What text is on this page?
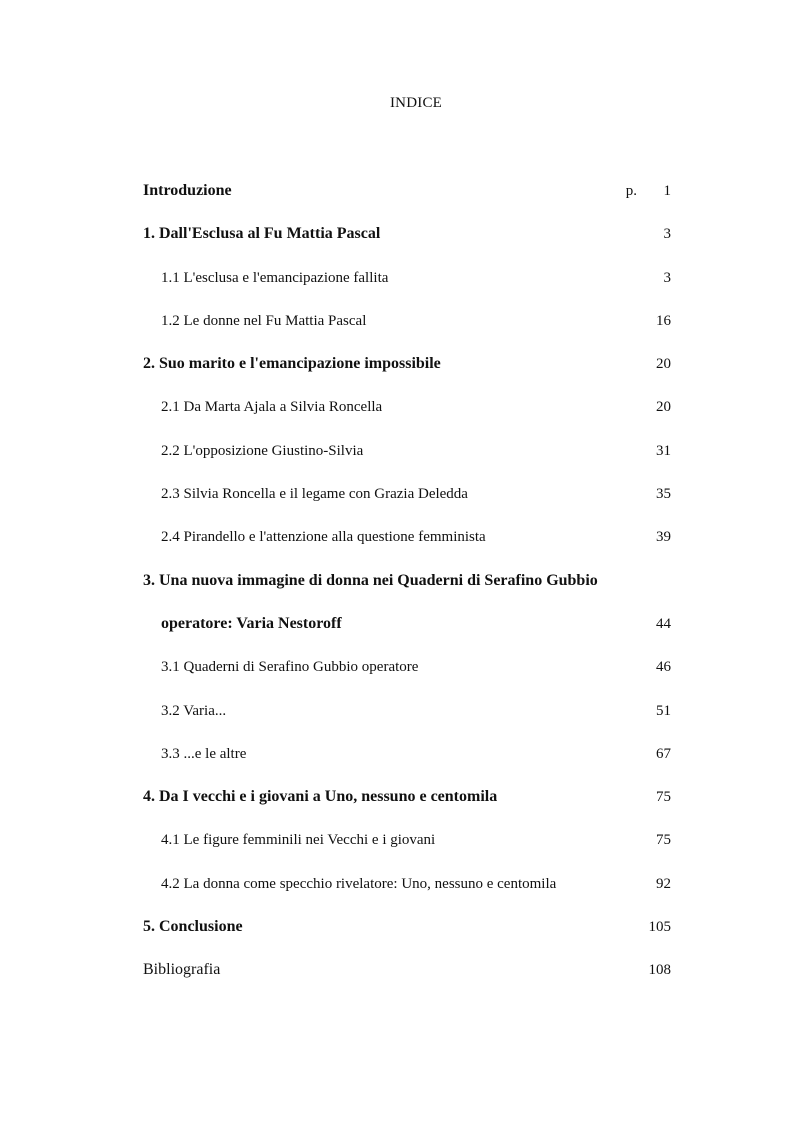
INDICE
Introduzione	p. 1
1. Dall'Esclusa al Fu Mattia Pascal	3
1.1 L'esclusa e l'emancipazione fallita	3
1.2 Le donne nel Fu Mattia Pascal	16
2. Suo marito e l'emancipazione impossibile	20
2.1 Da Marta Ajala a Silvia Roncella	20
2.2 L'opposizione Giustino-Silvia	31
2.3 Silvia Roncella e il legame con Grazia Deledda	35
2.4 Pirandello e l'attenzione alla questione femminista	39
3. Una nuova immagine di donna nei Quaderni di Serafino Gubbio
operatore: Varia Nestoroff	44
3.1 Quaderni di Serafino Gubbio operatore	46
3.2 Varia...	51
3.3 ...e le altre	67
4. Da I vecchi e i giovani a Uno, nessuno e centomila	75
4.1 Le figure femminili nei Vecchi e i giovani	75
4.2 La donna come specchio rivelatore: Uno, nessuno e centomila	92
5. Conclusione	105
Bibliografia	108
